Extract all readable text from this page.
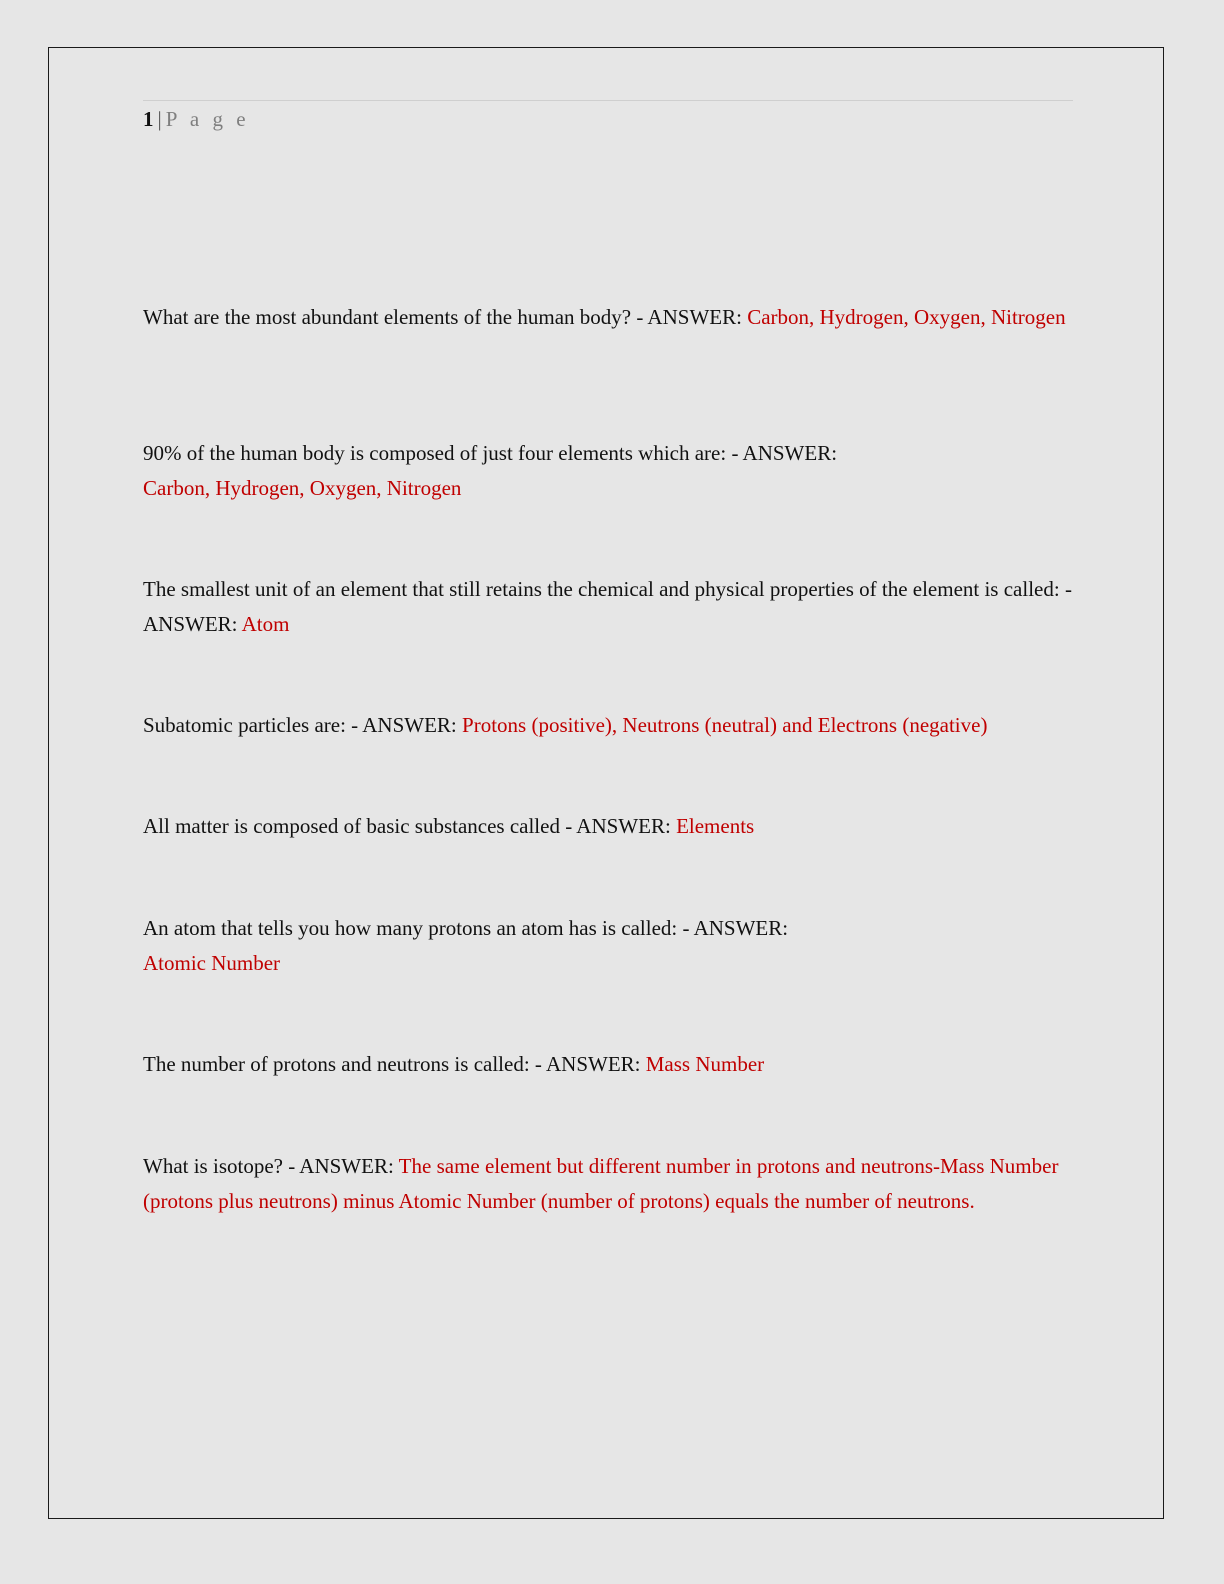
1 | P a g e
What are the most abundant elements of the human body? - ANSWER: Carbon, Hydrogen, Oxygen, Nitrogen
90% of the human body is composed of just four elements which are: - ANSWER:
Carbon, Hydrogen, Oxygen, Nitrogen
The smallest unit of an element that still retains the chemical and physical properties of the element is called: - ANSWER: Atom
Subatomic particles are: - ANSWER: Protons (positive), Neutrons (neutral) and Electrons (negative)
All matter is composed of basic substances called - ANSWER: Elements
An atom that tells you how many protons an atom has is called: - ANSWER:
Atomic Number
The number of protons and neutrons is called: - ANSWER: Mass Number
What is isotope? - ANSWER: The same element but different number in protons and neutrons-Mass Number (protons plus neutrons) minus Atomic Number (number of protons) equals the number of neutrons.
